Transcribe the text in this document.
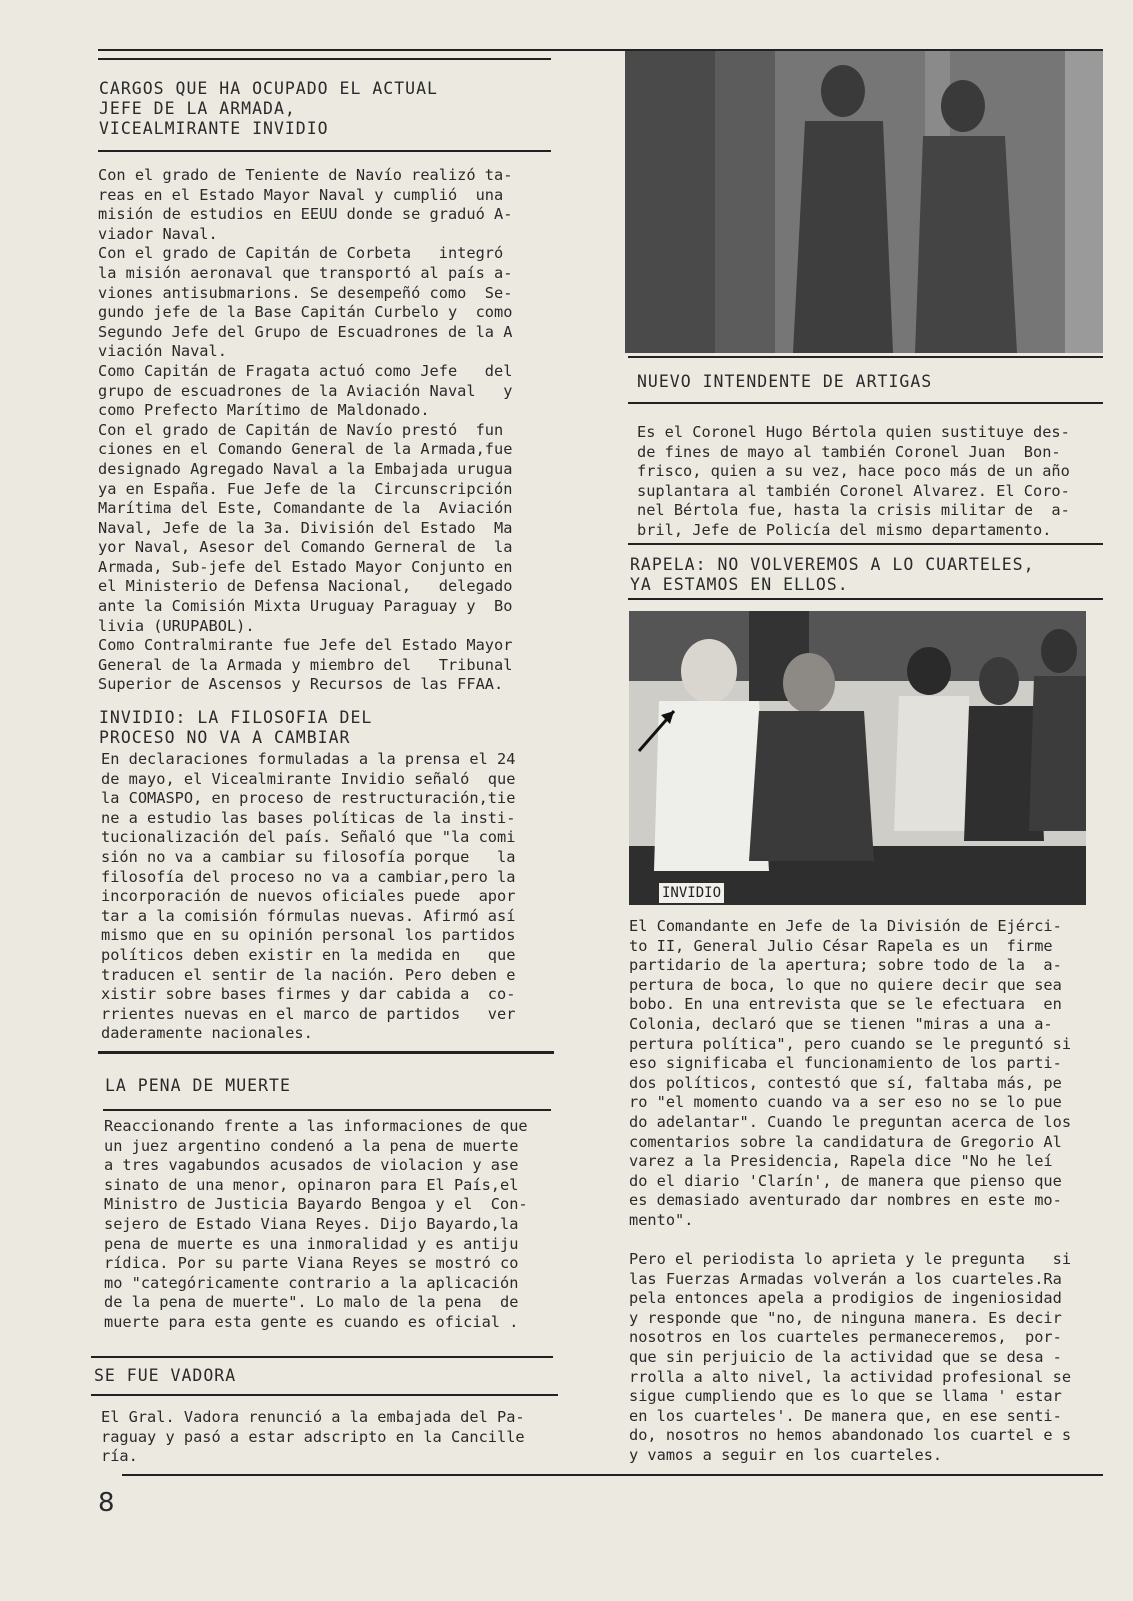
CARGOS QUE HA OCUPADO EL ACTUAL
JEFE DE LA ARMADA,
VICEALMIRANTE INVIDIO
Con el grado de Teniente de Navío realizó ta-
reas en el Estado Mayor Naval y cumplió  una
misión de estudios en EEUU donde se graduó A-
viador Naval.
Con el grado de Capitán de Corbeta   integró
la misión aeronaval que transportó al país a-
viones antisubmarions. Se desempeñó como  Se-
gundo jefe de la Base Capitán Curbelo y  como
Segundo Jefe del Grupo de Escuadrones de la A
viación Naval.
Como Capitán de Fragata actuó como Jefe   del
grupo de escuadrones de la Aviación Naval   y
como Prefecto Marítimo de Maldonado.
Con el grado de Capitán de Navío prestó  fun
ciones en el Comando General de la Armada,fue
designado Agregado Naval a la Embajada urugua
ya en España. Fue Jefe de la  Circunscripción
Marítima del Este, Comandante de la  Aviación
Naval, Jefe de la 3a. División del Estado  Ma
yor Naval, Asesor del Comando Gerneral de  la
Armada, Sub-jefe del Estado Mayor Conjunto en
el Ministerio de Defensa Nacional,   delegado
ante la Comisión Mixta Uruguay Paraguay y  Bo
livia (URUPABOL).
Como Contralmirante fue Jefe del Estado Mayor
General de la Armada y miembro del   Tribunal
Superior de Ascensos y Recursos de las FFAA.
INVIDIO: LA FILOSOFIA DEL
PROCESO NO VA A CAMBIAR
En declaraciones formuladas a la prensa el 24
de mayo, el Vicealmirante Invidio señaló  que
la COMASPO, en proceso de restructuración,tie
ne a estudio las bases políticas de la insti-
tucionalización del país. Señaló que "la comi
sión no va a cambiar su filosofía porque   la
filosofía del proceso no va a cambiar,pero la
incorporación de nuevos oficiales puede  apor
tar a la comisión fórmulas nuevas. Afirmó así
mismo que en su opinión personal los partidos
políticos deben existir en la medida en   que
traducen el sentir de la nación. Pero deben e
xistir sobre bases firmes y dar cabida a  co-
rrientes nuevas en el marco de partidos   ver
daderamente nacionales.
LA PENA DE MUERTE
Reaccionando frente a las informaciones de que
un juez argentino condenó a la pena de muerte
a tres vagabundos acusados de violacion y ase
sinato de una menor, opinaron para El País,el
Ministro de Justicia Bayardo Bengoa y el  Con-
sejero de Estado Viana Reyes. Dijo Bayardo,la
pena de muerte es una inmoralidad y es antiju
rídica. Por su parte Viana Reyes se mostró co
mo "categóricamente contrario a la aplicación
de la pena de muerte". Lo malo de la pena  de
muerte para esta gente es cuando es oficial .
SE FUE VADORA
El Gral. Vadora renunció a la embajada del Pa-
raguay y pasó a estar adscripto en la Cancille
ría.
NUEVO INTENDENTE DE ARTIGAS
Es el Coronel Hugo Bértola quien sustituye des-
de fines de mayo al también Coronel Juan  Bon-
frisco, quien a su vez, hace poco más de un año
suplantara al también Coronel Alvarez. El Coro-
nel Bértola fue, hasta la crisis militar de  a-
bril, Jefe de Policía del mismo departamento.
RAPELA: NO VOLVEREMOS A LO CUARTELES,
YA ESTAMOS EN ELLOS.
INVIDIO
El Comandante en Jefe de la División de Ejérci-
to II, General Julio César Rapela es un  firme
partidario de la apertura; sobre todo de la  a-
pertura de boca, lo que no quiere decir que sea
bobo. En una entrevista que se le efectuara  en
Colonia, declaró que se tienen "miras a una a-
pertura política", pero cuando se le preguntó si
eso significaba el funcionamiento de los parti-
dos políticos, contestó que sí, faltaba más, pe
ro "el momento cuando va a ser eso no se lo pue
do adelantar". Cuando le preguntan acerca de los
comentarios sobre la candidatura de Gregorio Al
varez a la Presidencia, Rapela dice "No he leí
do el diario 'Clarín', de manera que pienso que
es demasiado aventurado dar nombres en este mo-
mento".
Pero el periodista lo aprieta y le pregunta   si
las Fuerzas Armadas volverán a los cuarteles.Ra
pela entonces apela a prodigios de ingeniosidad
y responde que "no, de ninguna manera. Es decir
nosotros en los cuarteles permaneceremos,  por-
que sin perjuicio de la actividad que se desa -
rrolla a alto nivel, la actividad profesional se
sigue cumpliendo que es lo que se llama ' estar
en los cuarteles'. De manera que, en ese senti-
do, nosotros no hemos abandonado los cuartel e s
y vamos a seguir en los cuarteles.
8
